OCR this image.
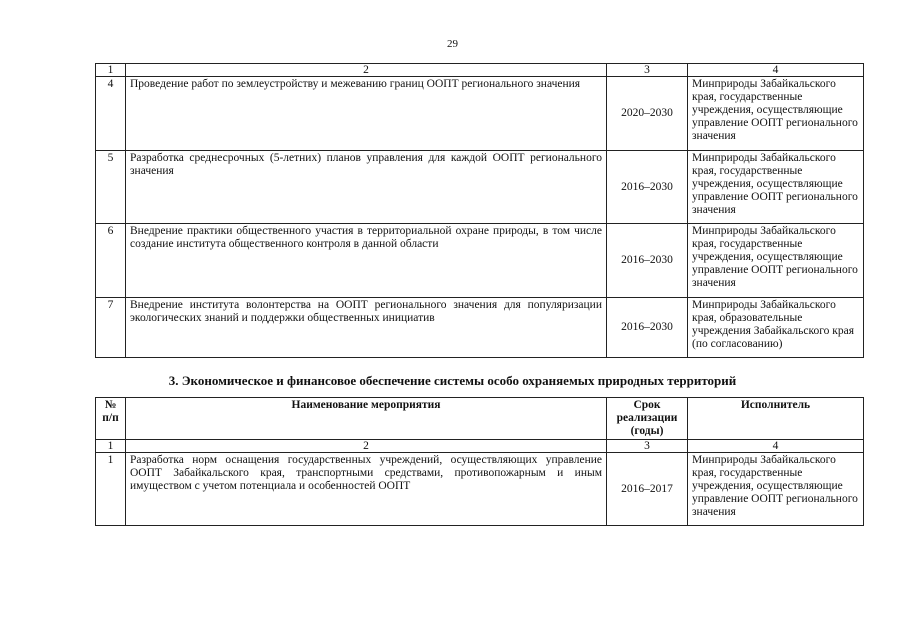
29
1	2	3	4
4	Проведение работ по землеустройству и межеванию границ ООПТ регионального значения	2020–2030	Минприроды Забайкальского края, государственные учреждения, осуществляющие управление ООПТ регионального значения
5	Разработка среднесрочных (5-летних) планов управления для каждой ООПТ регионального значения	2016–2030	Минприроды Забайкальского края, государственные учреждения, осуществляющие управление ООПТ регионального значения
6	Внедрение практики общественного участия в территориальной охране природы, в том числе создание института общественного контроля в данной области	2016–2030	Минприроды Забайкальского края, государственные учреждения, осуществляющие управление ООПТ регионального значения
7	Внедрение института волонтерства на ООПТ регионального значения для популяризации экологических знаний и поддержки общественных инициатив	2016–2030	Минприроды Забайкальского края, образовательные учреждения Забайкальского края (по согласованию)
3. Экономическое и финансовое обеспечение системы особо охраняемых природных территорий
№ п/п	Наименование мероприятия	Срок реализации (годы)	Исполнитель
1	2	3	4
1	Разработка норм оснащения государственных учреждений, осуществляющих управление ООПТ Забайкальского края, транспортными средствами, противопожарным и иным имуществом с учетом потенциала и особенностей ООПТ	2016–2017	Минприроды Забайкальского края, государственные учреждения, осуществляющие управление ООПТ регионального значения
